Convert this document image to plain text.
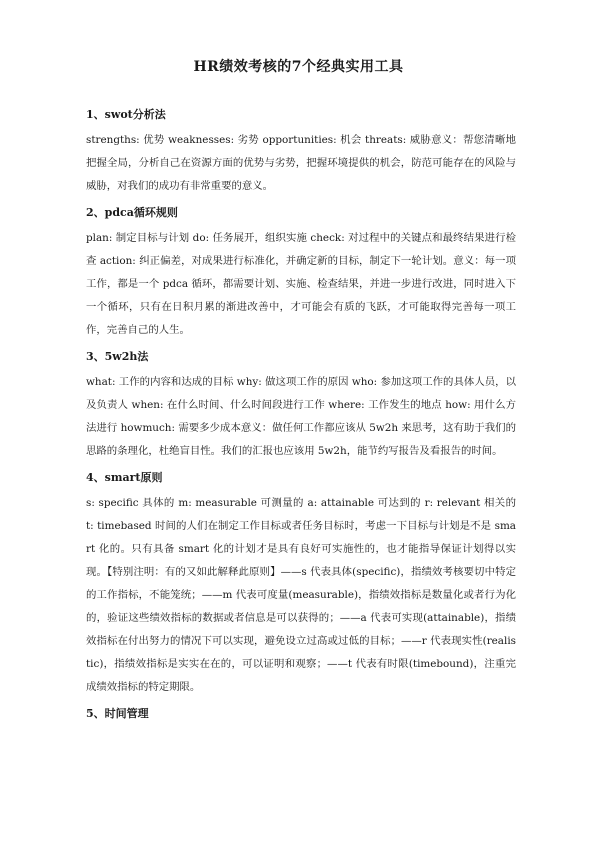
HR绩效考核的7个经典实用工具
1、swot分析法
strengths: 优势 weaknesses: 劣势 opportunities: 机会 threats: 威胁意义：帮您清晰地把握全局，分析自己在资源方面的优势与劣势，把握环境提供的机会，防范可能存在的风险与威胁，对我们的成功有非常重要的意义。
2、pdca循环规则
plan: 制定目标与计划 do: 任务展开，组织实施 check: 对过程中的关键点和最终结果进行检查 action: 纠正偏差，对成果进行标准化，并确定新的目标，制定下一轮计划。意义：每一项工作，都是一个 pdca 循环，都需要计划、实施、检查结果，并进一步进行改进，同时进入下一个循环，只有在日积月累的渐进改善中，才可能会有质的飞跃，才可能取得完善每一项工作，完善自己的人生。
3、5w2h法
what: 工作的内容和达成的目标 why: 做这项工作的原因 who: 参加这项工作的具体人员，以及负责人 when: 在什么时间、什么时间段进行工作 where: 工作发生的地点 how: 用什么方法进行 howmuch: 需要多少成本意义：做任何工作都应该从 5w2h 来思考，这有助于我们的思路的条理化，杜绝盲目性。我们的汇报也应该用 5w2h，能节约写报告及看报告的时间。
4、smart原则
s: specific 具体的 m: measurable 可测量的 a: attainable 可达到的 r: relevant 相关的 t: timebased 时间的人们在制定工作目标或者任务目标时，考虑一下目标与计划是不是 smart 化的。只有具备 smart 化的计划才是具有良好可实施性的，也才能指导保证计划得以实现。【特别注明：有的又如此解释此原则】——s 代表具体(specific)，指绩效考核要切中特定的工作指标，不能笼统；——m 代表可度量(measurable)，指绩效指标是数量化或者行为化的，验证这些绩效指标的数据或者信息是可以获得的；——a 代表可实现(attainable)，指绩效指标在付出努力的情况下可以实现，避免设立过高或过低的目标；——r 代表现实性(realistic)，指绩效指标是实实在在的，可以证明和观察；——t 代表有时限(timebound)，注重完成绩效指标的特定期限。
5、时间管理
